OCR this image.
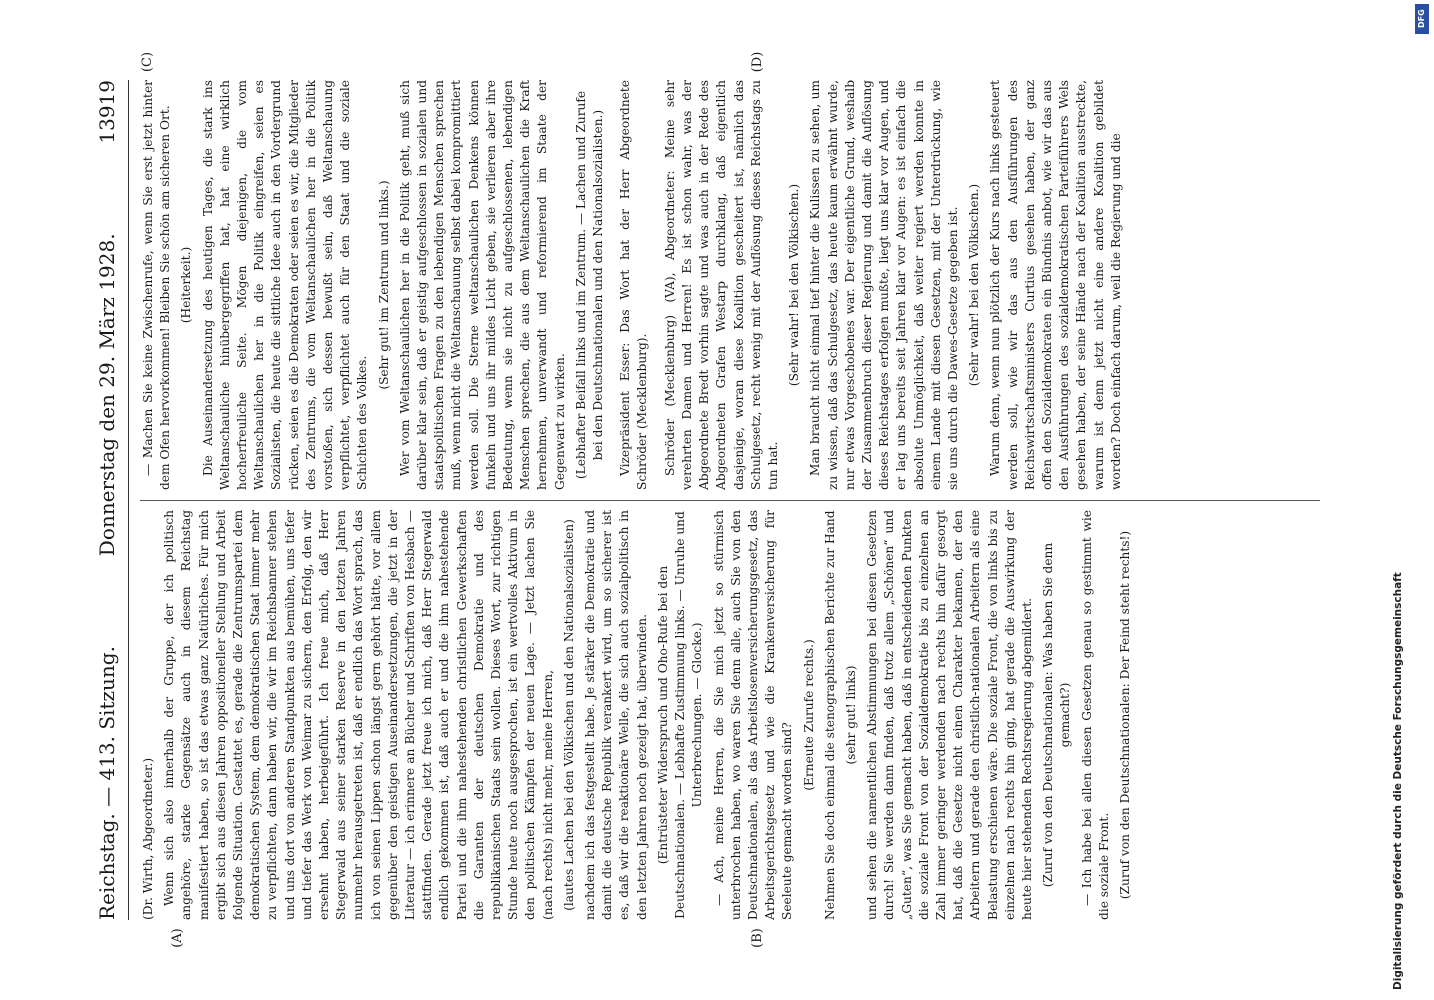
Reichstag. — 413. Sitzung.
Donnerstag den 29. März 1928.
13919
(A)	(B)
(C)	(D)

(Dr. Wirth, Abgeordneter.) Wenn sich also innerhalb der Gruppe, der ich politisch angehöre, starke Gegensätze auch in diesem Reichstag manifestiert haben, so ist das etwas ganz Natürliches. Für mich ergibt sich aus diesen Jahren oppositioneller Stellung und Arbeit folgende Situation. Gestattet es, gerade die Zentrumspartei dem demokratischen System, dem demokratischen Staat immer mehr zu verpflichten, dann haben wir, die wir im Reichsbanner stehen und uns dort von anderen Standpunkten aus bemühen, uns tiefer und tiefer das Werk von Weimar zu sichern, den Erfolg, den wir ersehnt haben, herbeigeführt. Ich freue mich, daß Herr Stegerwald aus seiner starken Reserve in den letzten Jahren nunmehr herausgetreten ist, daß er endlich das Wort sprach, das ich von seinen Lippen schon längst gern gehört hätte, vor allem gegenüber den geistigen Auseinandersetzungen, die jetzt in der Literatur — ich erinnere an Bücher und Schriften von Hesbach — stattfinden. Gerade jetzt freue ich mich, daß Herr Stegerwald endlich gekommen ist, daß auch er und die ihm nahestehende Partei und die ihm nahestehenden christlichen Gewerkschaften die Garanten der deutschen Demokratie und des republikanischen Staats sein wollen. Dieses Wort, zur richtigen Stunde heute noch ausgesprochen, ist ein wertvolles Aktivum in den politischen Kämpfen der neuen Lage. — Jetzt lachen Sie (nach rechts) nicht mehr, meine Herren, (lautes Lachen bei den Völkischen und den Nationalsozialisten) nachdem ich das festgestellt habe. Je stärker die Demokratie und damit die deutsche Republik verankert wird, um so sicherer ist es, daß wir die reaktionäre Welle, die sich auch sozialpolitisch in den letzten Jahren noch gezeigt hat, überwinden. (Entrüsteter Widerspruch und Oho-Rufe bei den Deutschnationalen. — Lebhafte Zustimmung links. — Unruhe und Unterbrechungen. — Glocke.) — Ach, meine Herren, die Sie mich jetzt so stürmisch unterbrochen haben, wo waren Sie denn alle, auch Sie von den Deutschnationalen, als das Arbeitslosenversicherungsgesetz, das Arbeitsgerichtsgesetz und wie die Krankenversicherung für Seeleute gemacht worden sind?

(Erneute Zurufe rechts.) Nehmen Sie doch einmal die stenographischen Berichte zur Hand (sehr gut! links) und sehen die namentlichen Abstimmungen bei diesen Gesetzen durch! Sie werden dann finden, daß trotz allem „Schönen“ und „Guten“, was Sie gemacht haben, daß in entscheidenden Punkten die soziale Front von der Sozialdemokratie bis zu einzelnen an Zahl immer geringer werdenden nach rechts hin dafür gesorgt hat, daß die Gesetze nicht einen Charakter bekamen, der den Arbeitern und gerade den christlich-nationalen Arbeitern als eine Belastung erschienen wäre. Die soziale Front, die von links bis zu einzelnen nach rechts hin ging, hat gerade die Auswirkung der heute hier stehenden Rechtsregierung abgemildert. (Zuruf von den Deutschnationalen: Was haben Sie denn gemacht?) — Ich habe bei allen diesen Gesetzen genau so gestimmt wie die soziale Front. (Zuruf von den Deutschnationalen: Der Feind steht rechts!)

— Machen Sie keine Zwischenrufe, wenn Sie erst jetzt hinter dem Ofen hervorkommen! Bleiben Sie schön am sicheren Ort. (Heiterkeit.) Die Auseinandersetzung des heutigen Tages, die stark ins Weltanschauliche hinübergegriffen hat, hat eine wirklich hocherfreuliche Seite. Mögen diejenigen, die vom Weltanschaulichen her in die Politik eingreifen, seien es Sozialisten, die heute die sittliche Idee auch in den Vordergrund rücken, seien es die Demokraten oder seien es wir, die Mitglieder des Zentrums, die vom Weltanschaulichen her in die Politik vorstoßen, sich dessen bewußt sein, daß Weltanschauung verpflichtet, verpflichtet auch für den Staat und die soziale Schichten des Volkes.

(Sehr gut! im Zentrum und links.) Wer vom Weltanschaulichen her in die Politik geht, muß sich darüber klar sein, daß er geistig aufgeschlossen in sozialen und staatspolitischen Fragen zu den lebendigen Menschen sprechen muß, wenn nicht die Weltanschauung selbst dabei kompromittiert werden soll. Die Sterne weltanschaulichen Denkens können funkeln und uns ihr mildes Licht geben, sie verlieren aber ihre Bedeutung, wenn sie nicht zu aufgeschlossenen, lebendigen Menschen sprechen, die aus dem Weltanschaulichen die Kraft hernehmen, unverwandt und reformierend im Staate der Gegenwart zu wirken. (Lebhafter Beifall links und im Zentrum. — Lachen und Zurufe bei den Deutschnationalen und den Nationalsozialisten.) Vizepräsident Esser: Das Wort hat der Herr Abgeordnete Schröder (Mecklenburg). Schröder (Mecklenburg) (VA), Abgeordneter: Meine sehr verehrten Damen und Herren! Es ist schon wahr, was der Abgeordnete Bredt vorhin sagte und was auch in der Rede des Abgeordneten Grafen Westarp durchklang, daß eigentlich dasjenige, woran diese Koalition gescheitert ist, nämlich das Schulgesetz, recht wenig mit der Auflösung dieses Reichstags zu tun hat.

(Sehr wahr! bei den Völkischen.) Man braucht nicht einmal tief hinter die Kulissen zu sehen, um zu wissen, daß das Schulgesetz, das heute kaum erwähnt wurde, nur etwas Vorgeschobenes war. Der eigentliche Grund, weshalb der Zusammenbruch dieser Regierung und damit die Auflösung dieses Reichstages erfolgen mußte, liegt uns klar vor Augen, und er lag uns bereits seit Jahren klar vor Augen: es ist einfach die absolute Unmöglichkeit, daß weiter regiert werden konnte in einem Lande mit diesen Gesetzen, mit der Unterdrückung, wie sie uns durch die Dawes-Gesetze gegeben ist. (Sehr wahr! bei den Völkischen.) Warum denn, wenn nun plötzlich der Kurs nach links gesteuert werden soll, wie wir das aus den Ausführungen des Reichswirtschaftsministers Curtius gesehen haben, der ganz offen den Sozialdemokraten ein Bündnis anbot, wie wir das aus den Ausführungen des sozialdemokratischen Parteiführers Wels gesehen haben, der seine Hände nach der Koalition ausstreckte, warum ist denn jetzt nicht eine andere Koalition gebildet worden? Doch einfach darum, weil die Regierung und die

Digitalisierung gefördert durch die Deutsche Forschungsgemeinschaft
DFG
